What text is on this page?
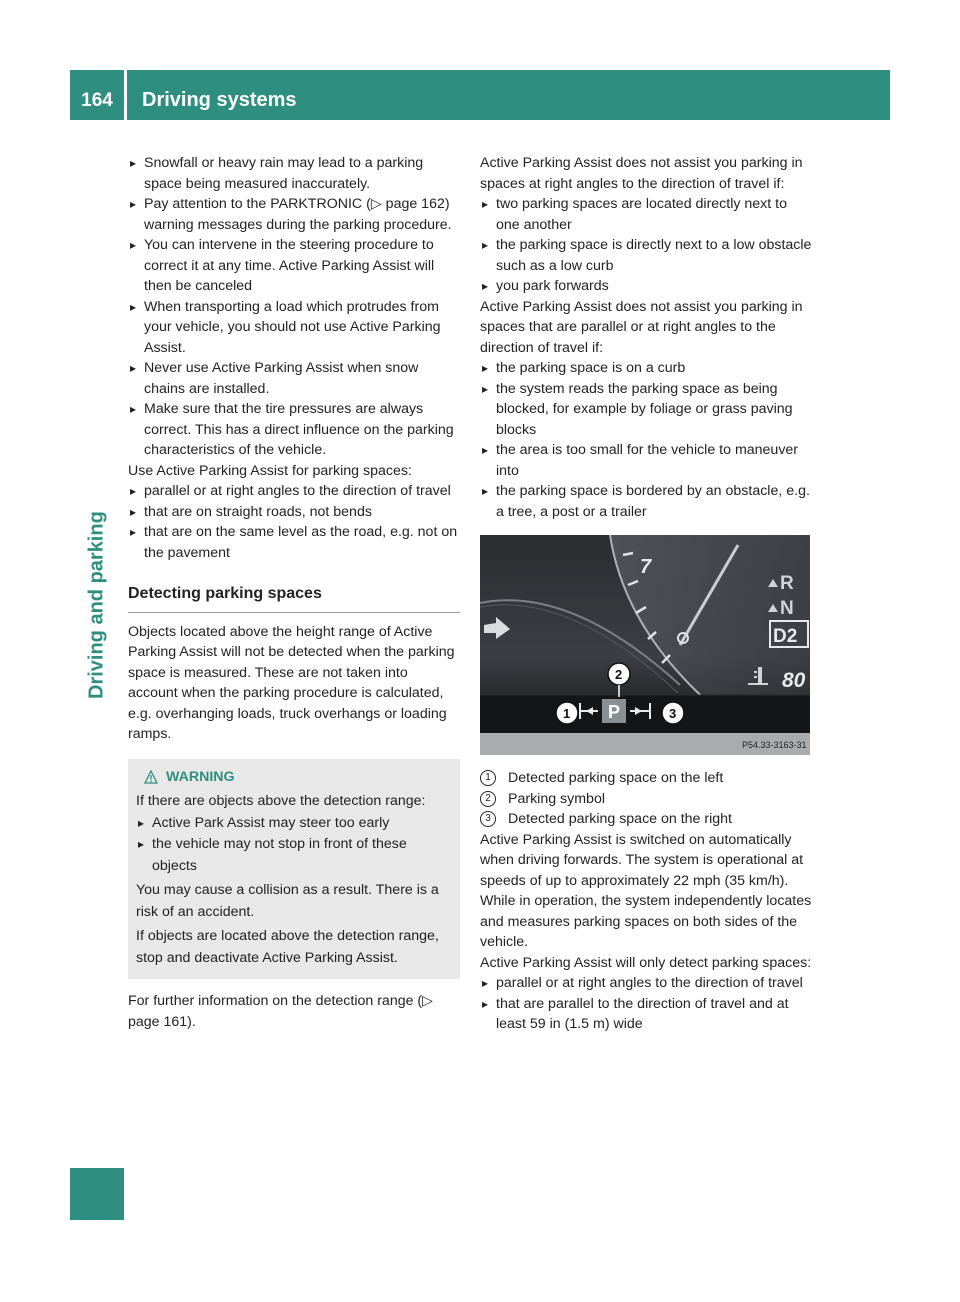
164	Driving systems
Driving and parking
▸ Snowfall or heavy rain may lead to a parking space being measured inaccurately.
▸ Pay attention to the PARKTRONIC (▷ page 162) warning messages during the parking procedure.
▸ You can intervene in the steering procedure to correct it at any time. Active Parking Assist will then be canceled
▸ When transporting a load which protrudes from your vehicle, you should not use Active Parking Assist.
▸ Never use Active Parking Assist when snow chains are installed.
▸ Make sure that the tire pressures are always correct. This has a direct influence on the parking characteristics of the vehicle.

Use Active Parking Assist for parking spaces:

▸ parallel or at right angles to the direction of travel
▸ that are on straight roads, not bends
▸ that are on the same level as the road, e.g. not on the pavement
Detecting parking spaces

Objects located above the height range of Active Parking Assist will not be detected when the parking space is measured. These are not taken into account when the parking procedure is calculated, e.g. overhanging loads, truck overhangs or loading ramps.

WARNING

If there are objects above the detection range:

▸ Active Park Assist may steer too early
▸ the vehicle may not stop in front of these objects

You may cause a collision as a result. There is a risk of an accident.

If objects are located above the detection range, stop and deactivate Active Parking Assist.

For further information on the detection range (▷ page 161).

Active Parking Assist does not assist you parking in spaces at right angles to the direction of travel if:

▸ two parking spaces are located directly next to one another
▸ the parking space is directly next to a low obstacle such as a low curb
▸ you park forwards

Active Parking Assist does not assist you parking in spaces that are parallel or at right angles to the direction of travel if:

▸ the parking space is on a curb
▸ the system reads the parking space as being blocked, for example by foliage or grass paving blocks
▸ the area is too small for the vehicle to maneuver into
▸ the parking space is bordered by an obstacle, e.g. a tree, a post or a trailer
7
R
N
D2
80
P
1
2
3
P54.33-3163-31
1	Detected parking space on the left
2	Parking symbol
3	Detected parking space on the right

Active Parking Assist is switched on automatically when driving forwards. The system is operational at speeds of up to approximately 22 mph (35 km/h). While in operation, the system independently locates and measures parking spaces on both sides of the vehicle.

Active Parking Assist will only detect parking spaces:

▸ parallel or at right angles to the direction of travel
▸ that are parallel to the direction of travel and at least 59 in (1.5 m) wide
